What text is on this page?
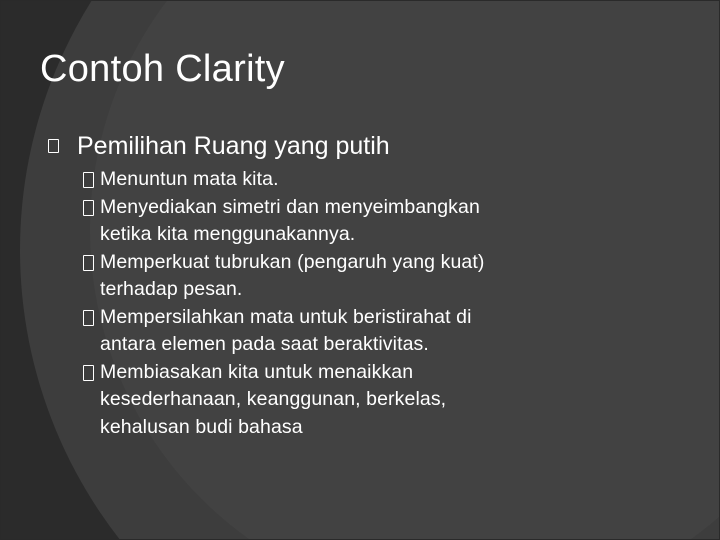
Contoh Clarity
Pemilihan Ruang yang putih
Menuntun mata kita.
Menyediakan simetri dan menyeimbangkan
ketika kita menggunakannya.
Memperkuat tubrukan (pengaruh yang kuat)
terhadap pesan.
Mempersilahkan mata untuk beristirahat di
antara elemen pada saat beraktivitas.
Membiasakan kita untuk menaikkan
kesederhanaan, keanggunan, berkelas,
kehalusan budi bahasa
